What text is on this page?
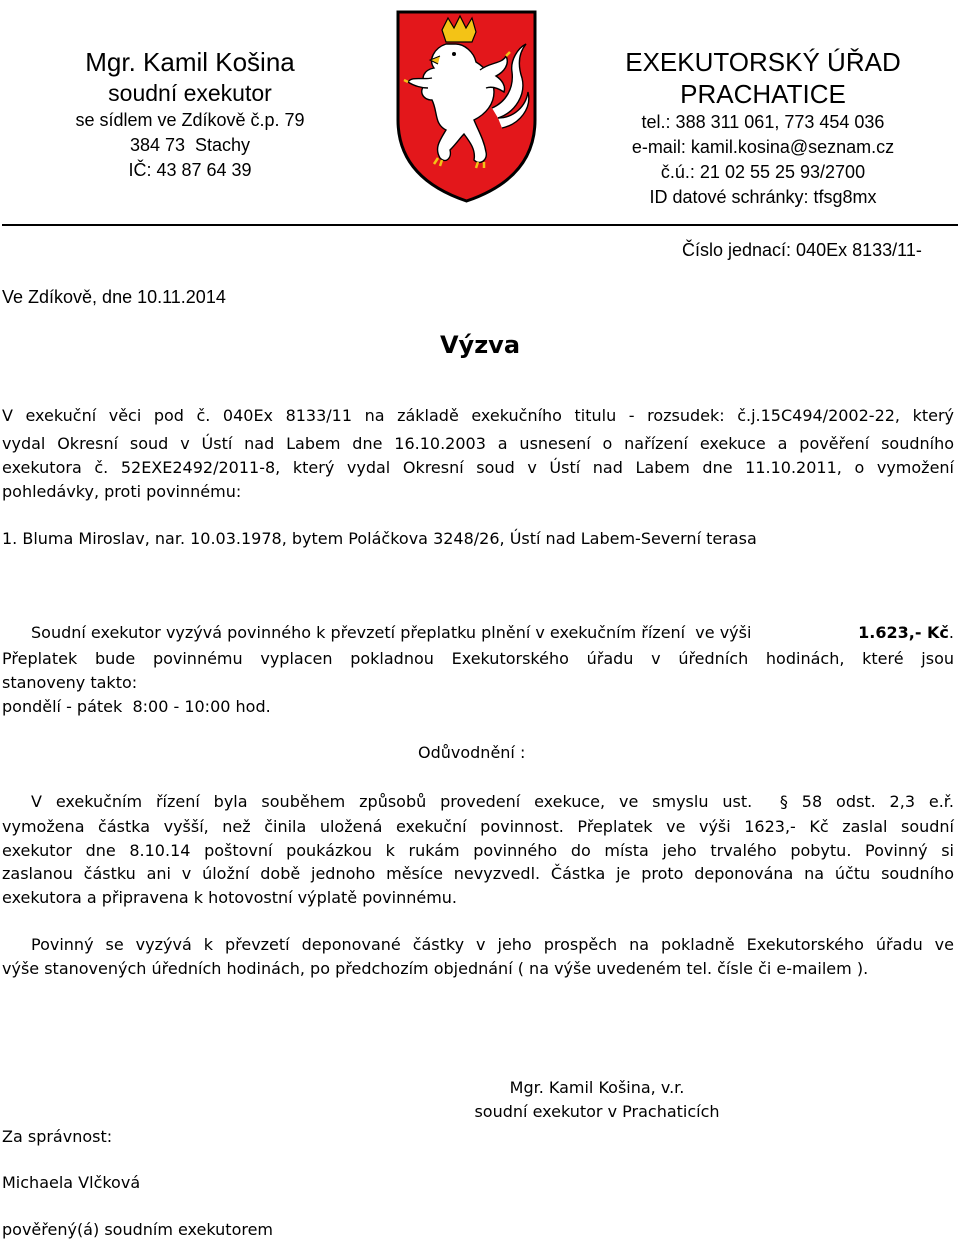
Mgr. Kamil Košina
soudní exekutor
se sídlem ve Zdíkově č.p. 79
384 73  Stachy
IČ: 43 87 64 39
EXEKUTORSKÝ ÚŘAD
PRACHATICE
tel.: 388 311 061, 773 454 036
e-mail: kamil.kosina@seznam.cz
č.ú.: 21 02 55 25 93/2700
ID datové schránky: tfsg8mx
Číslo jednací: 040Ex 8133/11-
Ve Zdíkově, dne 10.11.2014
Výzva
V exekuční věci pod č. 040Ex 8133/11 na základě exekučního titulu - rozsudek: č.j.15C494/2002-22, který
vydal Okresní soud v Ústí nad Labem dne 16.10.2003 a usnesení o nařízení exekuce a pověření soudního
exekutora č. 52EXE2492/2011-8, který vydal Okresní soud v Ústí nad Labem dne 11.10.2011, o vymožení
pohledávky, proti povinnému:
1. Bluma Miroslav, nar. 10.03.1978, bytem Poláčkova 3248/26, Ústí nad Labem-Severní terasa
Soudní exekutor vyzývá povinného k převzetí přeplatku plnění v exekučním řízení  ve výši	1.623,- Kč.
Přeplatek bude povinnému vyplacen pokladnou Exekutorského úřadu v úředních hodinách, které jsou
stanoveny takto:
pondělí - pátek  8:00 - 10:00 hod.
Odůvodnění :
V exekučním řízení byla souběhem způsobů provedení exekuce, ve smyslu ust.  § 58 odst. 2,3 e.ř.
vymožena částka vyšší, než činila uložená exekuční povinnost. Přeplatek ve výši 1623,- Kč zaslal soudní
exekutor dne 8.10.14 poštovní poukázkou k rukám povinného do místa jeho trvalého pobytu. Povinný si
zaslanou částku ani v úložní době jednoho měsíce nevyzvedl. Částka je proto deponována na účtu soudního
exekutora a připravena k hotovostní výplatě povinnému.
Povinný se vyzývá k převzetí deponované částky v jeho prospěch na pokladně Exekutorského úřadu ve
výše stanovených úředních hodinách, po předchozím objednání ( na výše uvedeném tel. čísle či e-mailem ).
Mgr. Kamil Košina, v.r.
soudní exekutor v Prachaticích
Za správnost:
Michaela Vlčková
pověřený(á) soudním exekutorem
